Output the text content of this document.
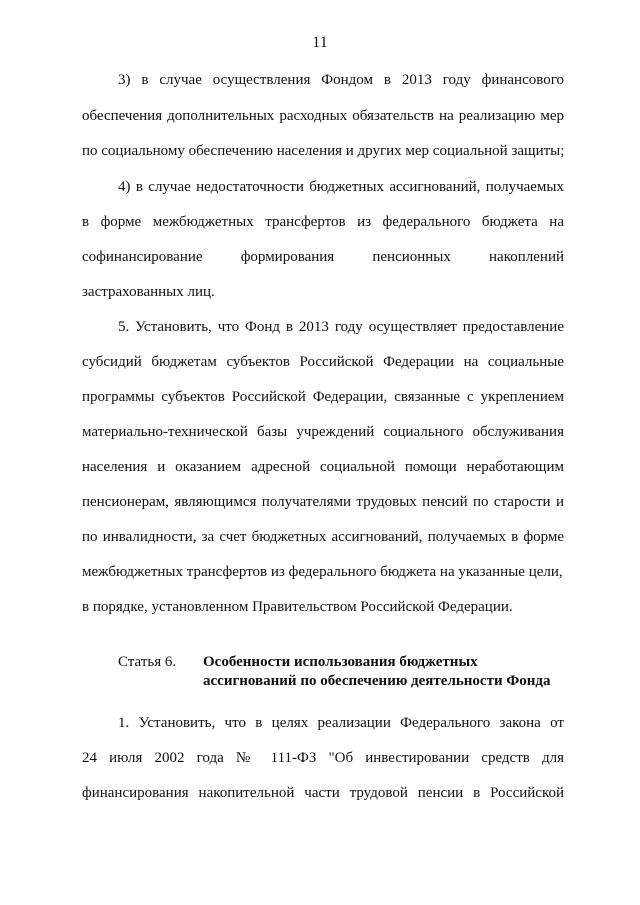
11
3) в случае осуществления Фондом в 2013 году финансового
обеспечения дополнительных расходных обязательств на реализацию мер
по социальному обеспечению населения и других мер социальной защиты;
4) в случае недостаточности бюджетных ассигнований, получаемых
в форме межбюджетных трансфертов из федерального бюджета на
софинансирование формирования пенсионных накоплений
застрахованных лиц.
5. Установить, что Фонд в 2013 году осуществляет предоставление
субсидий бюджетам субъектов Российской Федерации на социальные
программы субъектов Российской Федерации, связанные с укреплением
материально-технической базы учреждений социального обслуживания
населения и оказанием адресной социальной помощи неработающим
пенсионерам, являющимся получателями трудовых пенсий по старости и
по инвалидности, за счет бюджетных ассигнований, получаемых в форме
межбюджетных трансфертов из федерального бюджета на указанные цели,
в порядке, установленном Правительством Российской Федерации.
Статья 6. Особенности использования бюджетных
ассигнований по обеспечению деятельности Фонда
1. Установить, что в целях реализации Федерального закона от
24 июля 2002 года № 111-ФЗ "Об инвестировании средств для
финансирования накопительной части трудовой пенсии в Российской
